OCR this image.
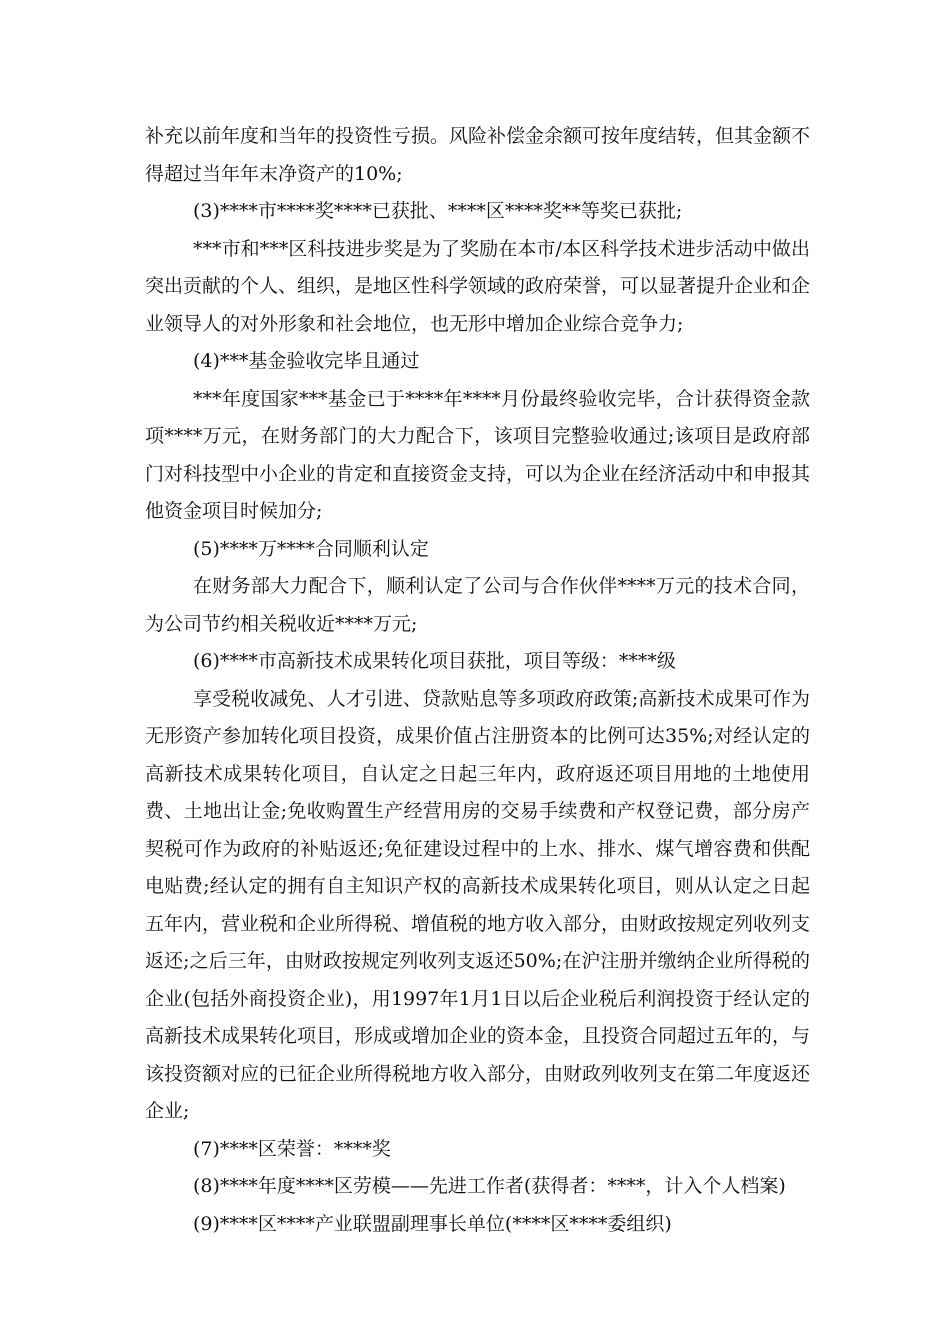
补充以前年度和当年的投资性亏损。风险补偿金余额可按年度结转，但其金额不得超过当年年末净资产的10%;

(3)****市****奖****已获批、****区****奖**等奖已获批;

***市和***区科技进步奖是为了奖励在本市/本区科学技术进步活动中做出突出贡献的个人、组织，是地区性科学领域的政府荣誉，可以显著提升企业和企业领导人的对外形象和社会地位，也无形中增加企业综合竞争力;

(4)***基金验收完毕且通过

***年度国家***基金已于****年****月份最终验收完毕，合计获得资金款项****万元，在财务部门的大力配合下，该项目完整验收通过;该项目是政府部门对科技型中小企业的肯定和直接资金支持，可以为企业在经济活动中和申报其他资金项目时候加分;

(5)****万****合同顺利认定

在财务部大力配合下，顺利认定了公司与合作伙伴****万元的技术合同，为公司节约相关税收近****万元;

(6)****市高新技术成果转化项目获批，项目等级：****级

享受税收减免、人才引进、贷款贴息等多项政府政策;高新技术成果可作为无形资产参加转化项目投资，成果价值占注册资本的比例可达35%;对经认定的高新技术成果转化项目，自认定之日起三年内，政府返还项目用地的土地使用费、土地出让金;免收购置生产经营用房的交易手续费和产权登记费，部分房产契税可作为政府的补贴返还;免征建设过程中的上水、排水、煤气增容费和供配电贴费;经认定的拥有自主知识产权的高新技术成果转化项目，则从认定之日起五年内，营业税和企业所得税、增值税的地方收入部分，由财政按规定列收列支返还;之后三年，由财政按规定列收列支返还50%;在沪注册并缴纳企业所得税的企业(包括外商投资企业)，用1997年1月1日以后企业税后利润投资于经认定的高新技术成果转化项目，形成或增加企业的资本金，且投资合同超过五年的，与该投资额对应的已征企业所得税地方收入部分，由财政列收列支在第二年度返还企业;

(7)****区荣誉：****奖

(8)****年度****区劳模——先进工作者(获得者：****，计入个人档案)

(9)****区****产业联盟副理事长单位(****区****委组织)
